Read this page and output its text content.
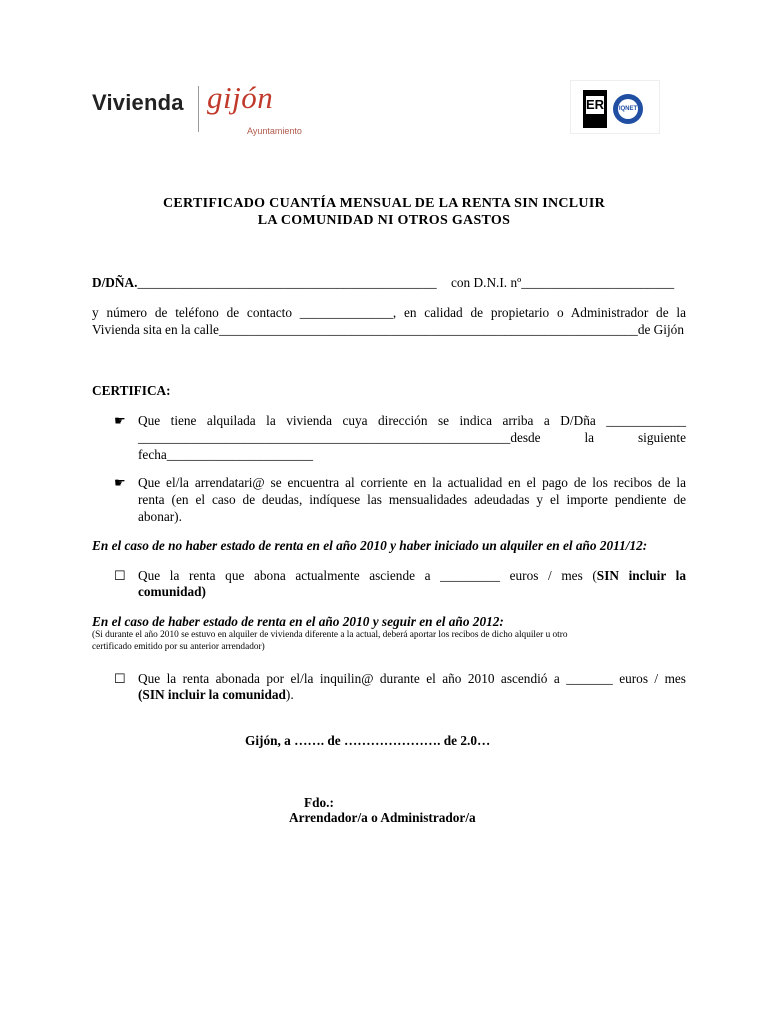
Vivienda gijón
Ayuntamiento
ER IQNET
CERTIFICADO CUANTÍA MENSUAL DE LA RENTA SIN INCLUIR
LA COMUNIDAD NI OTROS GASTOS
D/DÑA._____________________________________________ con D.N.I. nº_______________________
y número de teléfono de contacto ______________, en calidad de propietario o Administrador de la
Vivienda sita en la calle_______________________________________________________________de Gijón
CERTIFICA:
☛ Que tiene alquilada la vivienda cuya dirección se indica arriba a D/Dña ____________
________________________________________________________desde	la	siguiente
fecha______________________
☛ Que el/la arrendatari@ se encuentra al corriente en la actualidad en el pago de los recibos de la
renta (en el caso de deudas, indíquese las mensualidades adeudadas y el importe pendiente de
abonar).
En el caso de no haber estado de renta en el año 2010 y haber iniciado un alquiler en el año 2011/12:
☐ Que la renta que abona actualmente asciende a _________ euros / mes (SIN incluir la
comunidad)
En el caso de haber estado de renta en el año 2010 y seguir en el año 2012:
(Si durante el año 2010 se estuvo en alquiler de vivienda diferente a la actual, deberá aportar los recibos de dicho alquiler u otro
certificado emitido por su anterior arrendador)
☐ Que la renta abonada por el/la inquilin@ durante el año 2010 ascendió a _______ euros / mes
(SIN incluir la comunidad).
Gijón, a ……. de …………………. de 2.0…
Fdo.:
Arrendador/a o Administrador/a
